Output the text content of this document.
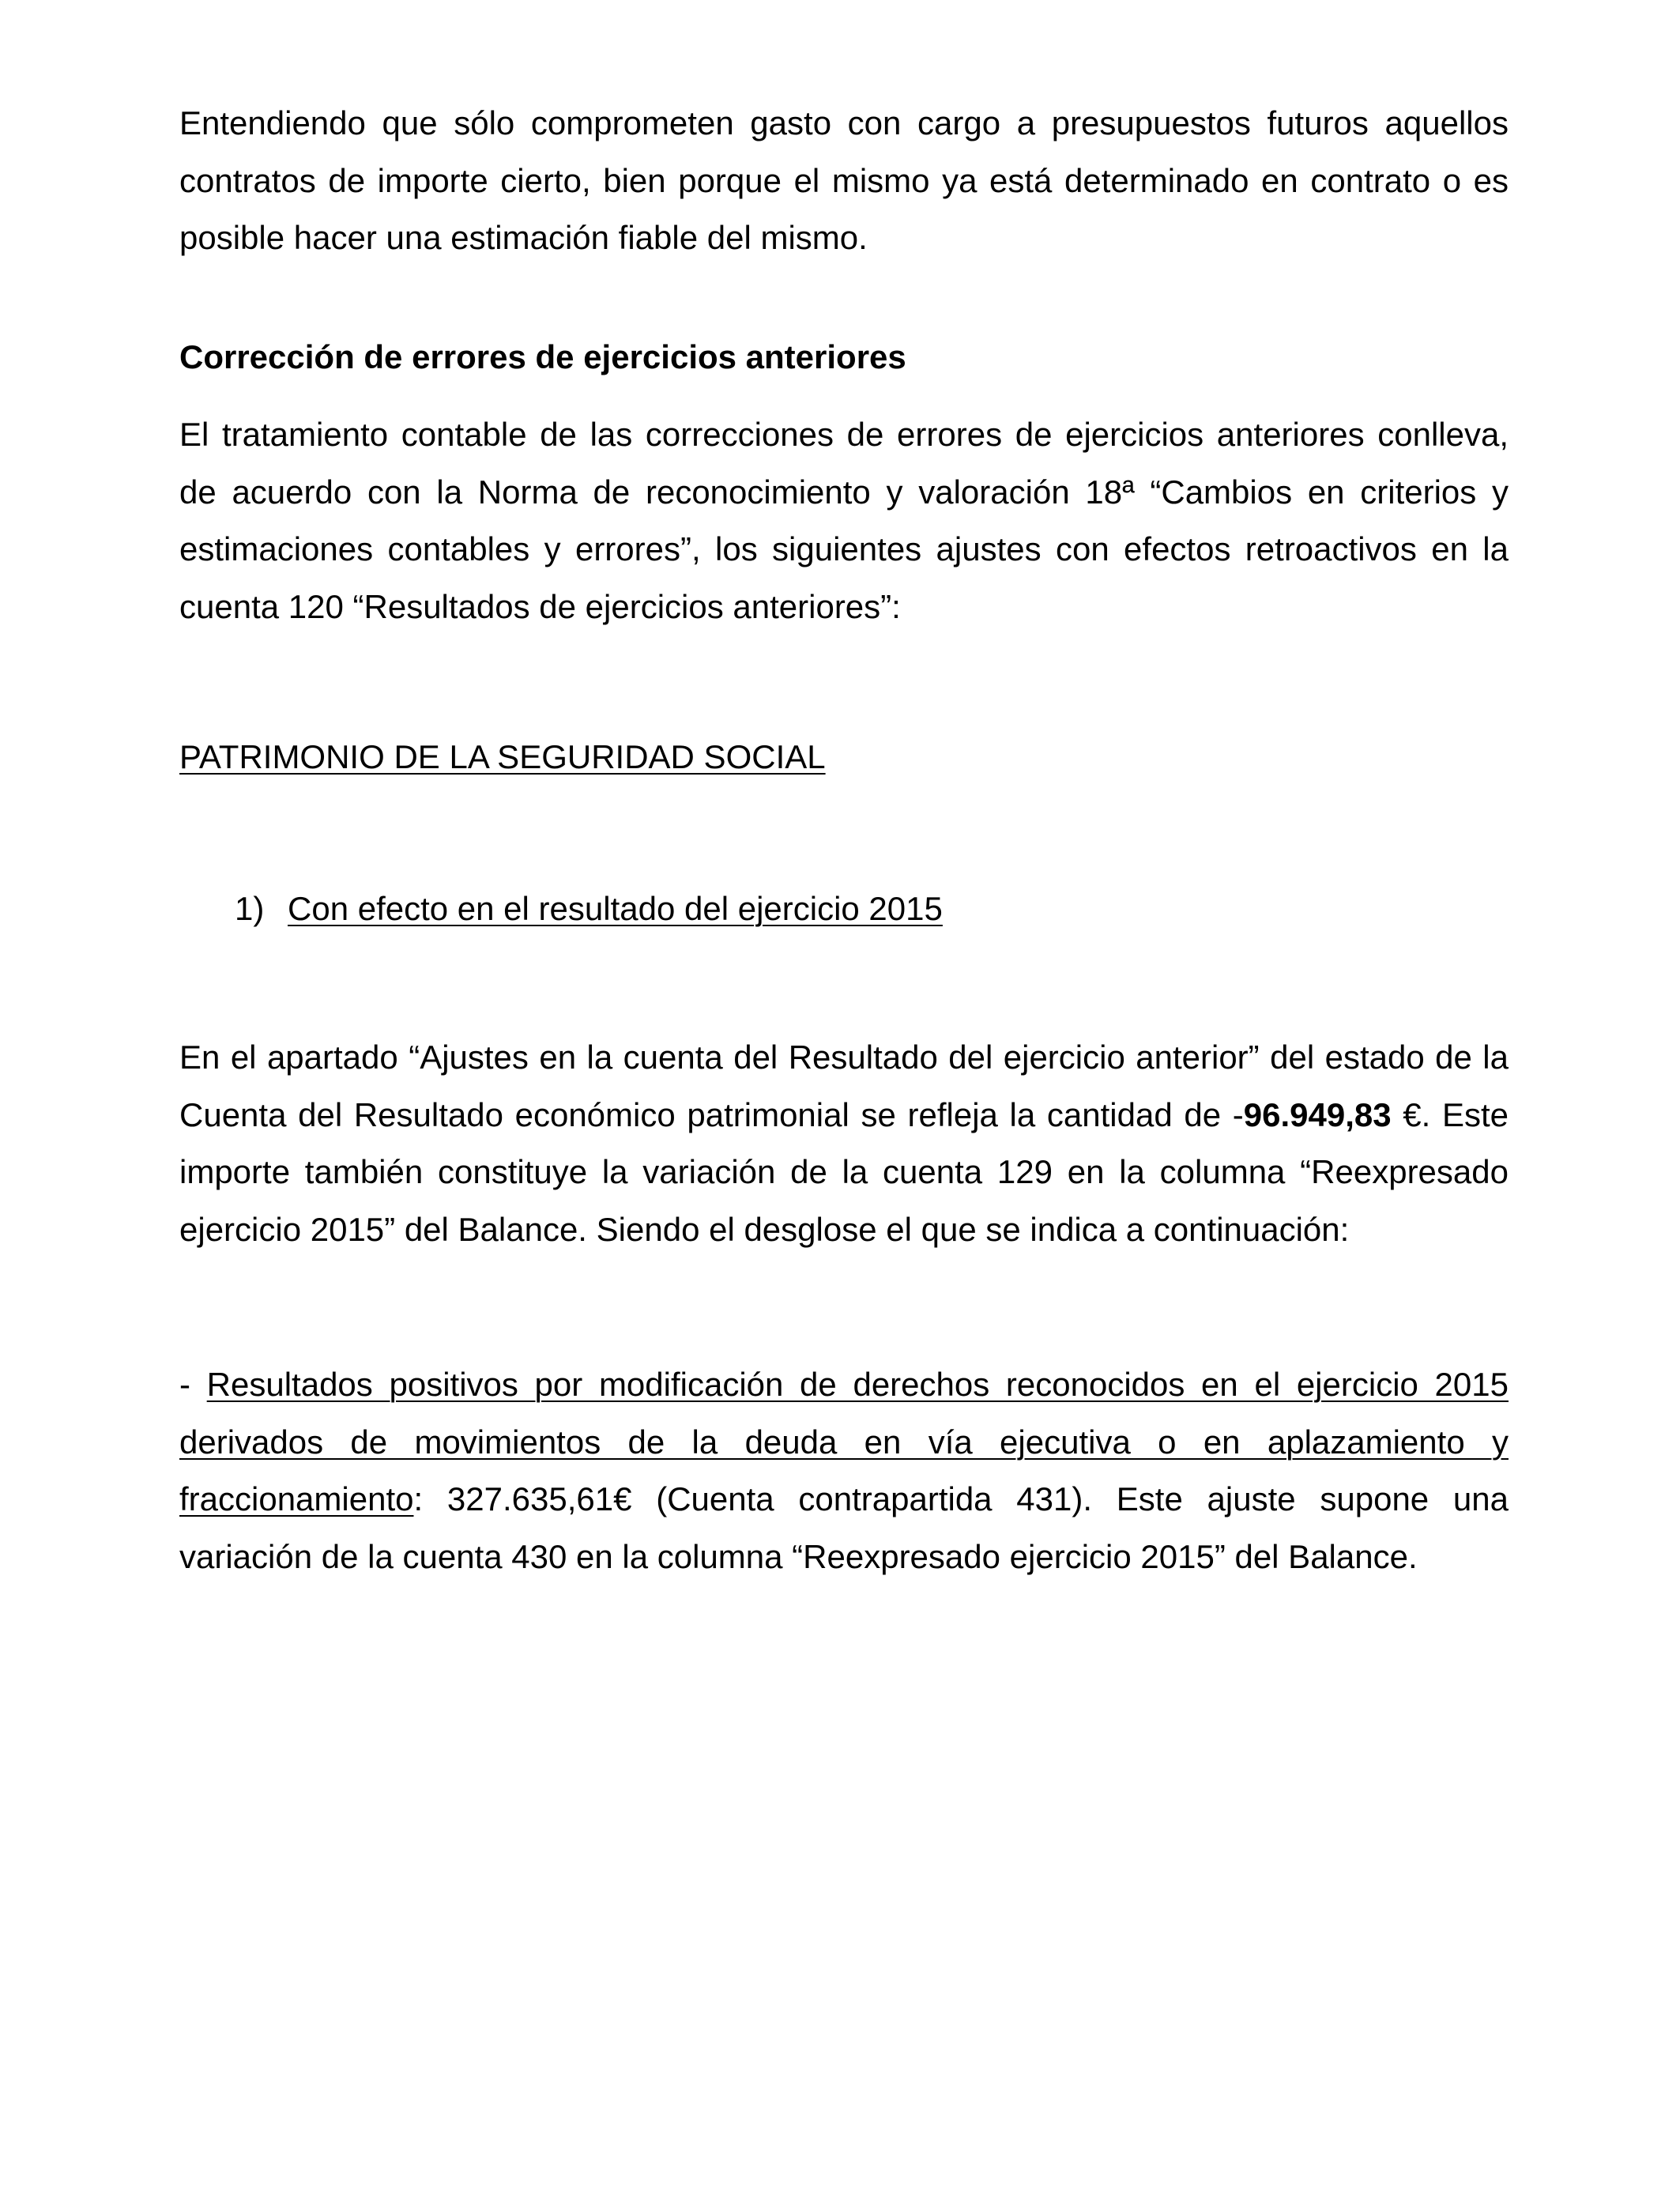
Entendiendo que sólo comprometen gasto con cargo a presupuestos futuros aquellos contratos de importe cierto, bien porque el mismo ya está determinado en contrato o es posible hacer una estimación fiable del mismo.

Corrección de errores de ejercicios anteriores

El tratamiento contable de las correcciones de errores de ejercicios anteriores conlleva, de acuerdo con la Norma de reconocimiento y valoración 18ª “Cambios en criterios y estimaciones contables y errores”, los siguientes ajustes con efectos retroactivos en la cuenta 120 “Resultados de ejercicios anteriores”:

PATRIMONIO DE LA SEGURIDAD SOCIAL

1) Con efecto en el resultado del ejercicio 2015

En el apartado “Ajustes en la cuenta del Resultado del ejercicio anterior” del estado de la Cuenta del Resultado económico patrimonial se refleja la cantidad de -96.949,83 €. Este importe también constituye la variación de la cuenta 129 en la columna “Reexpresado ejercicio 2015” del Balance. Siendo el desglose el que se indica a continuación:

- Resultados positivos por modificación de derechos reconocidos en el ejercicio 2015 derivados de movimientos de la deuda en vía ejecutiva o en aplazamiento y fraccionamiento: 327.635,61€ (Cuenta contrapartida 431). Este ajuste supone una variación de la cuenta 430 en la columna “Reexpresado ejercicio 2015” del Balance.
